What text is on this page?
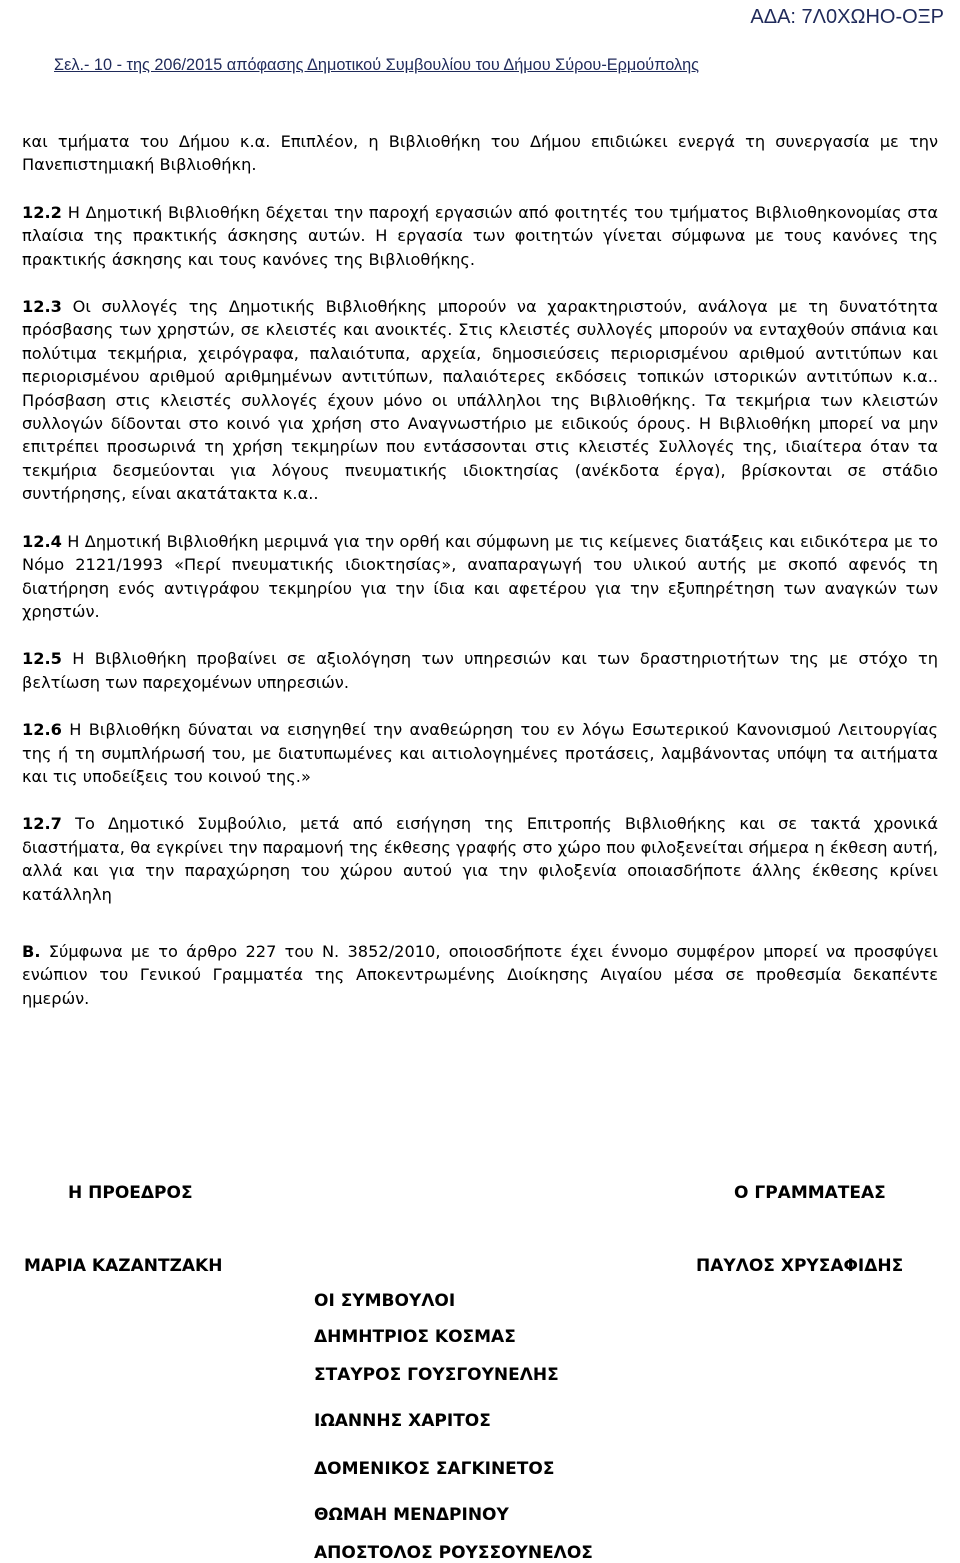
ΑΔΑ: 7Λ0ΧΩΗΟ-ΟΞΡ
Σελ.- 10 - της 206/2015 απόφασης Δημοτικού Συμβουλίου του Δήμου Σύρου-Ερμούπολης

και τμήματα του Δήμου κ.α. Επιπλέον, η Βιβλιοθήκη του Δήμου επιδιώκει ενεργά τη συνεργασία με την Πανεπιστημιακή Βιβλιοθήκη.

12.2 Η Δημοτική Βιβλιοθήκη δέχεται την παροχή εργασιών από φοιτητές του τμήματος Βιβλιοθηκονομίας στα πλαίσια της πρακτικής άσκησης αυτών. Η εργασία των φοιτητών γίνεται σύμφωνα με τους κανόνες της πρακτικής άσκησης και τους κανόνες της Βιβλιοθήκης.

12.3 Οι συλλογές της Δημοτικής Βιβλιοθήκης μπορούν να χαρακτηριστούν, ανάλογα με τη δυνατότητα πρόσβασης των χρηστών, σε κλειστές και ανοικτές. Στις κλειστές συλλογές μπορούν να ενταχθούν σπάνια και πολύτιμα τεκμήρια, χειρόγραφα, παλαιότυπα, αρχεία, δημοσιεύσεις περιορισμένου αριθμού αντιτύπων και περιορισμένου αριθμού αριθμημένων αντιτύπων, παλαιότερες εκδόσεις τοπικών ιστορικών αντιτύπων κ.α.. Πρόσβαση στις κλειστές συλλογές έχουν μόνο οι υπάλληλοι της Βιβλιοθήκης. Τα τεκμήρια των κλειστών συλλογών δίδονται στο κοινό για χρήση στο Αναγνωστήριο με ειδικούς όρους. Η Βιβλιοθήκη μπορεί να μην επιτρέπει προσωρινά τη χρήση τεκμηρίων που εντάσσονται στις κλειστές Συλλογές της, ιδιαίτερα όταν τα τεκμήρια δεσμεύονται για λόγους πνευματικής ιδιοκτησίας (ανέκδοτα έργα), βρίσκονται σε στάδιο συντήρησης, είναι ακατάτακτα κ.α..

12.4 Η Δημοτική Βιβλιοθήκη μεριμνά για την ορθή και σύμφωνη με τις κείμενες διατάξεις και ειδικότερα με το Νόμο 2121/1993 «Περί πνευματικής ιδιοκτησίας», αναπαραγωγή του υλικού αυτής με σκοπό αφενός τη διατήρηση ενός αντιγράφου τεκμηρίου για την ίδια και αφετέρου για την εξυπηρέτηση των αναγκών των χρηστών.

12.5 Η Βιβλιοθήκη προβαίνει σε αξιολόγηση των υπηρεσιών και των δραστηριοτήτων της με στόχο τη βελτίωση των παρεχομένων υπηρεσιών.

12.6 Η Βιβλιοθήκη δύναται να εισηγηθεί την αναθεώρηση του εν λόγω Εσωτερικού Κανονισμού Λειτουργίας της ή τη συμπλήρωσή του, με διατυπωμένες και αιτιολογημένες προτάσεις, λαμβάνοντας υπόψη τα αιτήματα και τις υποδείξεις του κοινού της.»

12.7 Το Δημοτικό Συμβούλιο, μετά από εισήγηση της Επιτροπής Βιβλιοθήκης και σε τακτά χρονικά διαστήματα, θα εγκρίνει την παραμονή της έκθεσης γραφής στο χώρο που φιλοξενείται σήμερα η έκθεση αυτή, αλλά και για την παραχώρηση του χώρου αυτού για την φιλοξενία οποιασδήποτε άλλης έκθεσης κρίνει κατάλληλη

Β. Σύμφωνα με το άρθρο 227 του Ν. 3852/2010, οποιοσδήποτε έχει έννομο συμφέρον μπορεί να προσφύγει ενώπιον του Γενικού Γραμματέα της Αποκεντρωμένης Διοίκησης Αιγαίου μέσα σε προθεσμία δεκαπέντε ημερών.

Η ΠΡΟΕΔΡΟΣ	Ο ΓΡΑΜΜΑΤΕΑΣ
ΜΑΡΙΑ ΚΑΖΑΝΤΖΑΚΗ	ΠΑΥΛΟΣ ΧΡΥΣΑΦΙΔΗΣ
ΟΙ ΣΥΜΒΟΥΛΟΙ
ΔΗΜΗΤΡΙΟΣ ΚΟΣΜΑΣ
ΣΤΑΥΡΟΣ ΓΟΥΣΓΟΥΝΕΛΗΣ
ΙΩΑΝΝΗΣ ΧΑΡΙΤΟΣ
ΔΟΜΕΝΙΚΟΣ ΣΑΓΚΙΝΕΤΟΣ
ΘΩΜΑΗ ΜΕΝΔΡΙΝΟΥ
ΑΠΟΣΤΟΛΟΣ ΡΟΥΣΣΟΥΝΕΛΟΣ
